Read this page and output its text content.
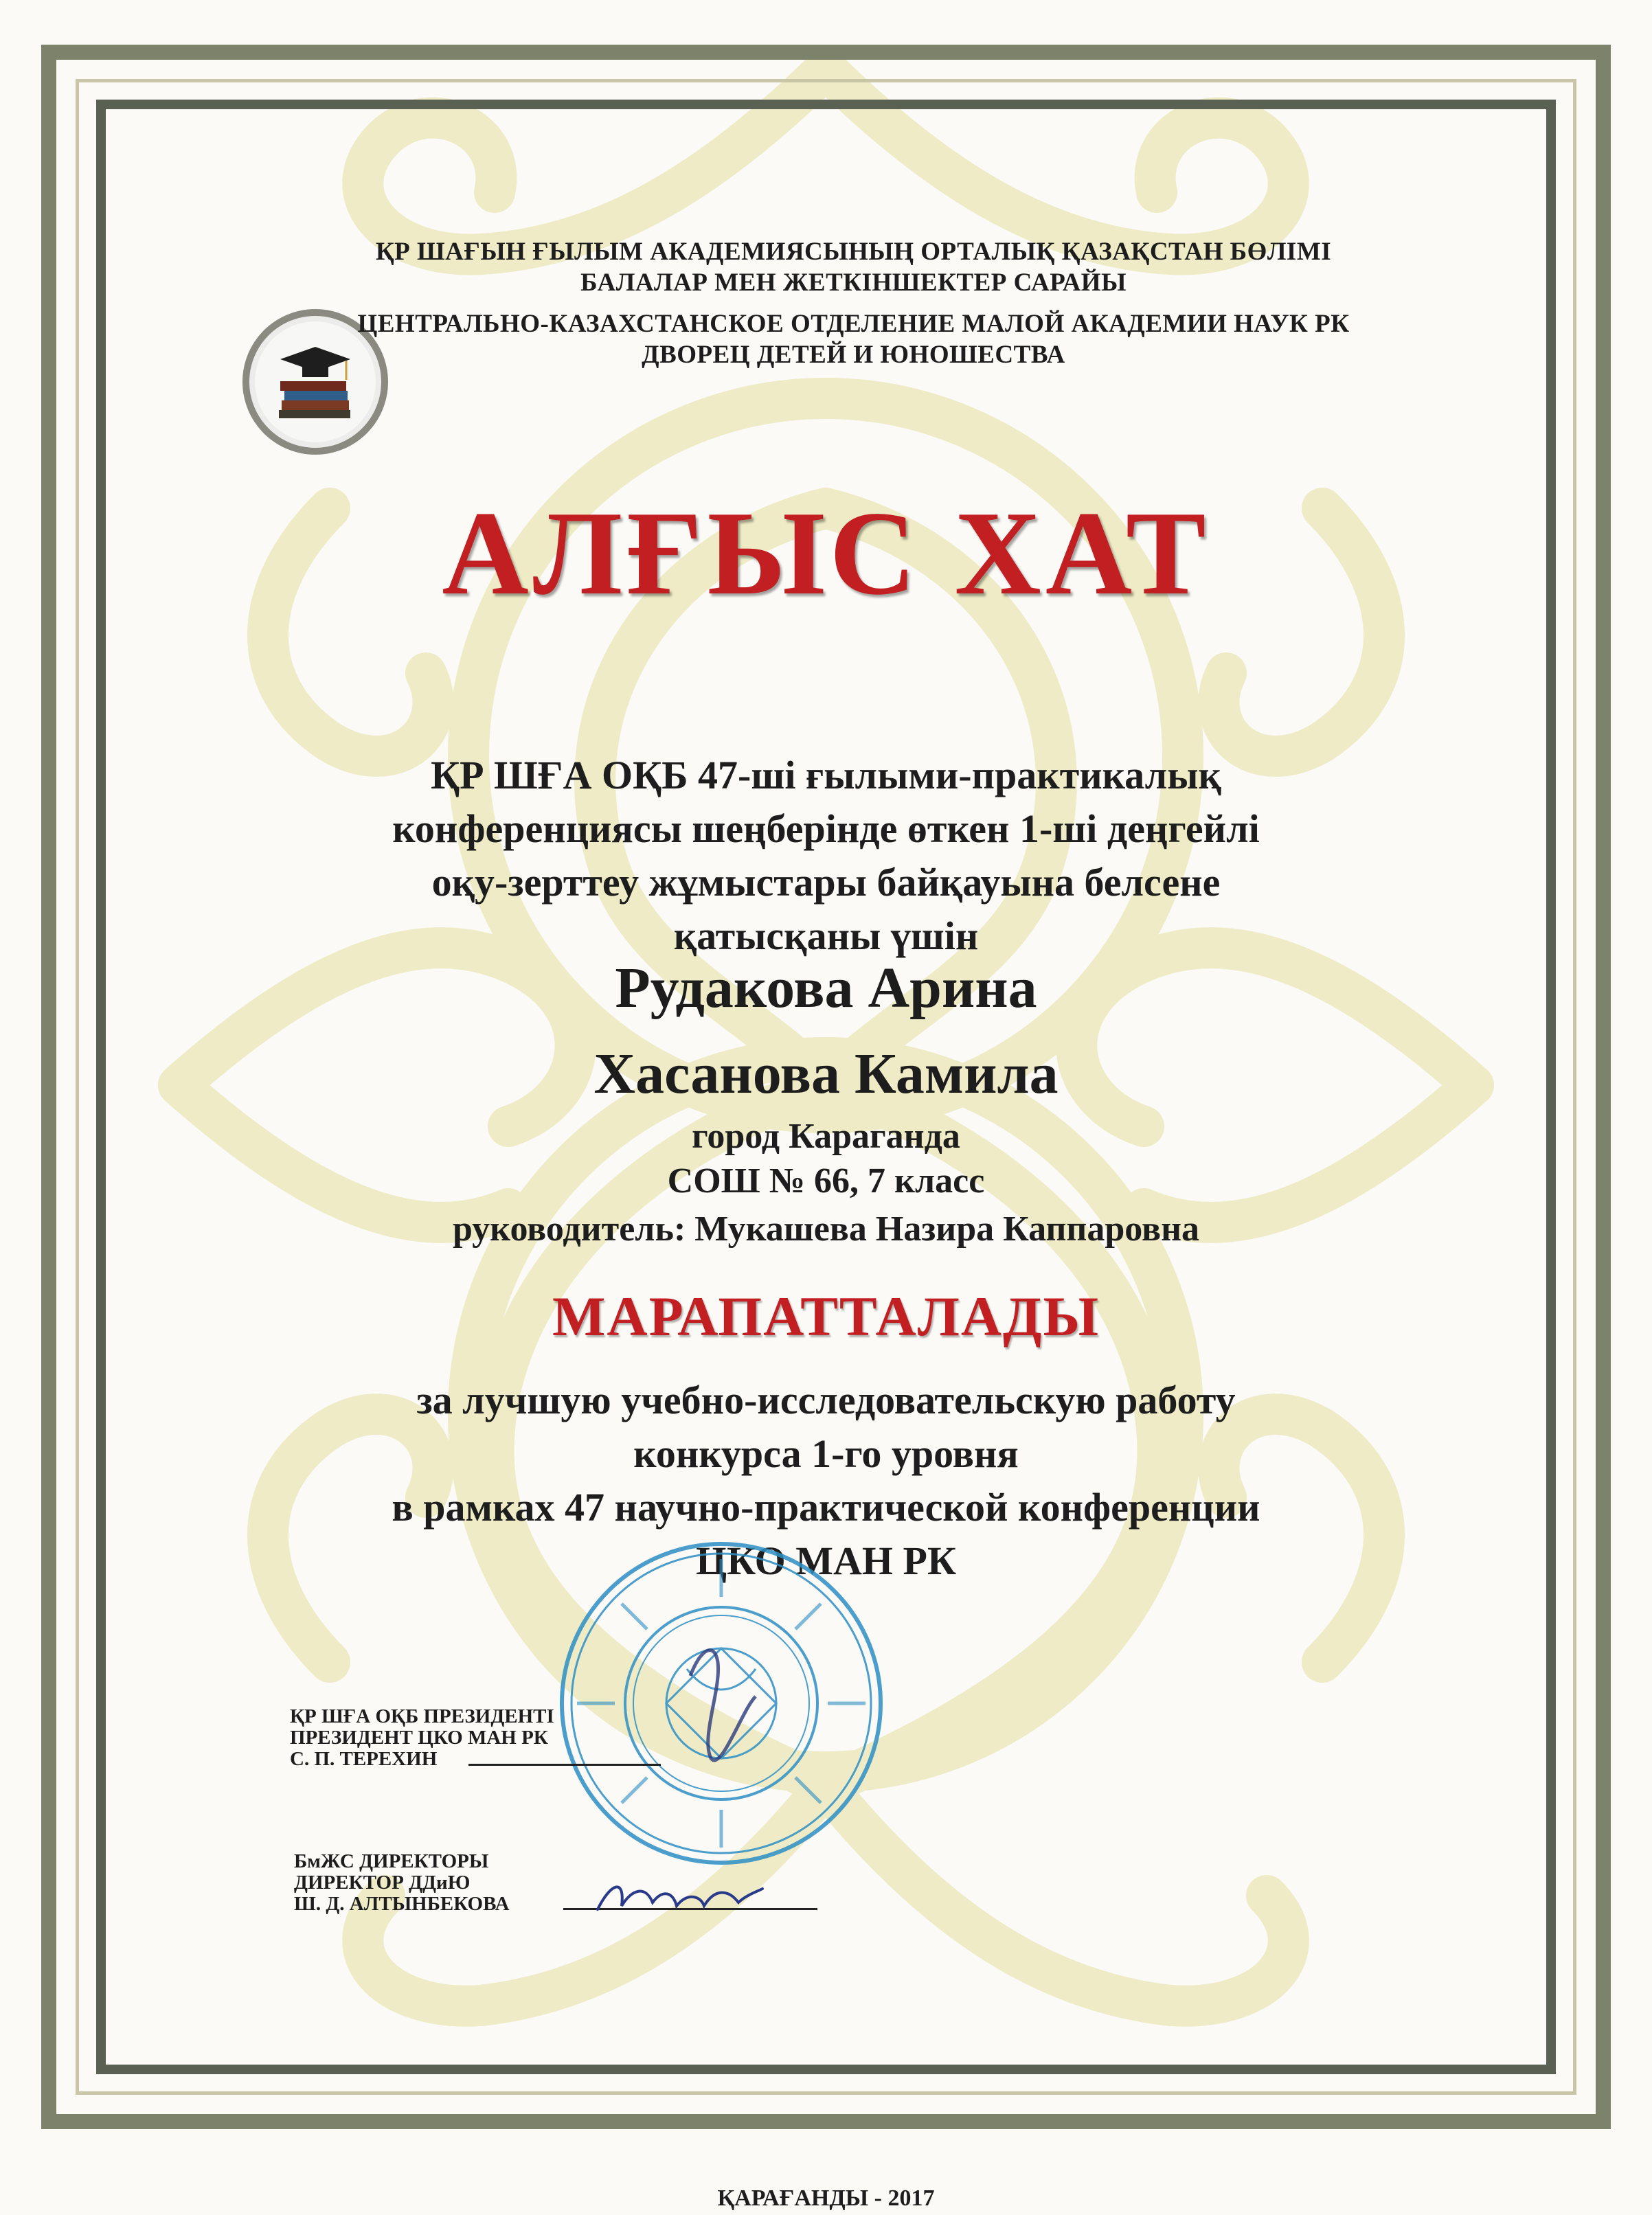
ҚР ШАҒЫН ҒЫЛЫМ АКАДЕМИЯСЫНЫҢ ОРТАЛЫҚ ҚАЗАҚСТАН БӨЛІМІ
БАЛАЛАР МЕН ЖЕТКІНШЕКТЕР САРАЙЫ
ЦЕНТРАЛЬНО-КАЗАХСТАНСКОЕ ОТДЕЛЕНИЕ МАЛОЙ АКАДЕМИИ НАУК РК
ДВОРЕЦ ДЕТЕЙ И ЮНОШЕСТВА
АЛҒЫС ХАТ
ҚР ШҒА ОҚБ 47-ші ғылыми-практикалық
конференциясы шеңберінде өткен 1-ші деңгейлі
оқу-зерттеу жұмыстары байқауына белсене
қатысқаны үшін
Рудакова Арина
Хасанова Камила
город Караганда
СОШ № 66, 7 класс
руководитель: Мукашева Назира Каппаровна
МАРАПАТТАЛАДЫ
за лучшую учебно-исследовательскую работу
конкурса 1-го уровня
в рамках 47 научно-практической конференции
ЦКО МАН РК
ҚР ШҒА ОҚБ ПРЕЗИДЕНТІ
ПРЕЗИДЕНТ ЦКО МАН РК
С. П. ТЕРЕХИН
БмЖС ДИРЕКТОРЫ
ДИРЕКТОР ДДиЮ
Ш. Д. АЛТЫНБЕКОВА
ҚАРАҒАНДЫ - 2017
